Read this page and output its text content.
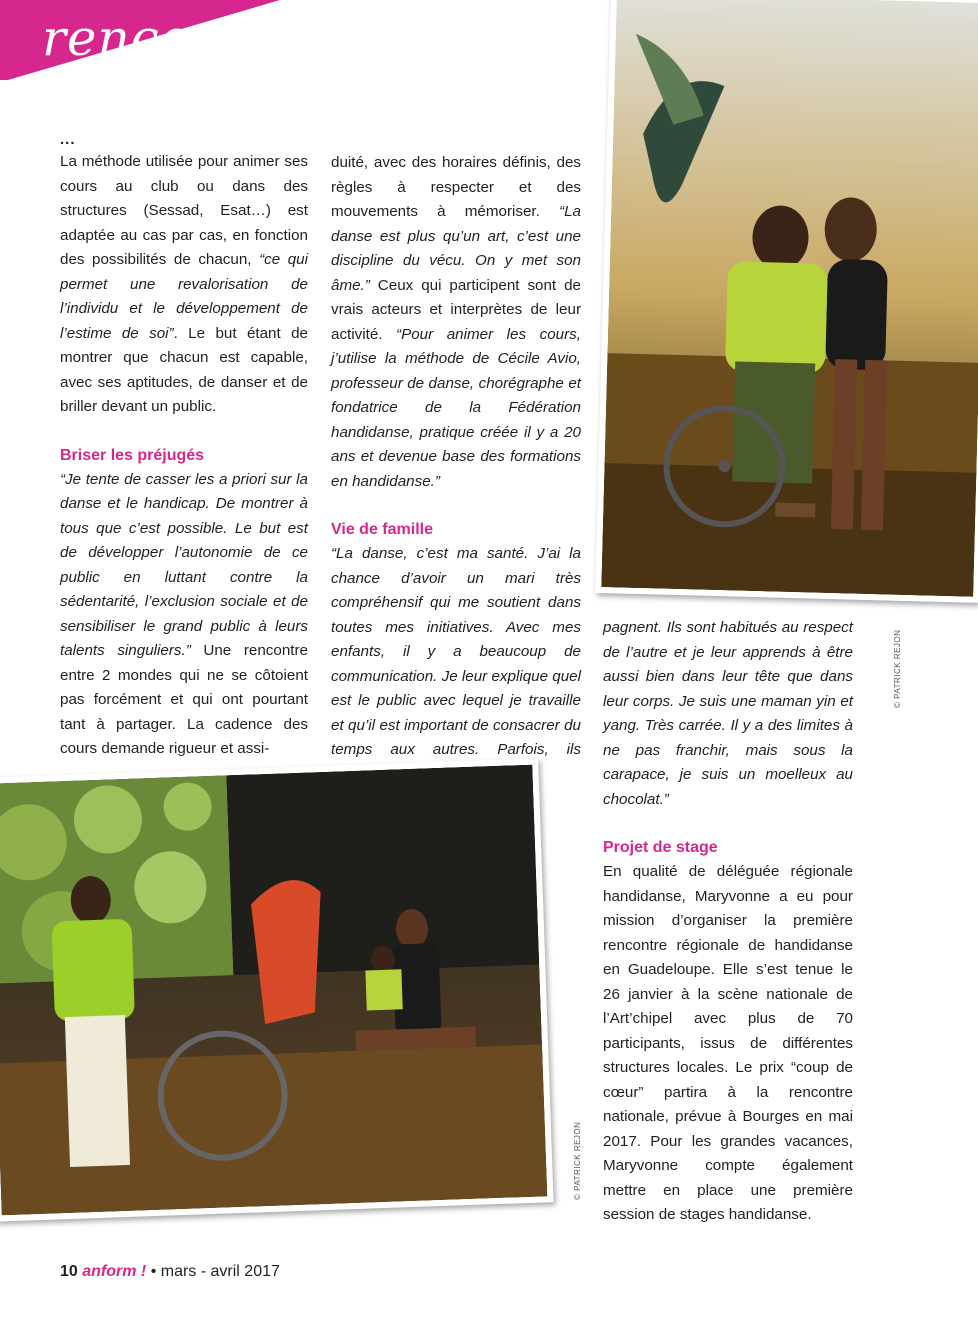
rencontre
...

La méthode utilisée pour animer ses cours au club ou dans des structures (Sessad, Esat…) est adaptée au cas par cas, en fonction des possibilités de chacun, “ce qui permet une revalorisation de l’individu et le développement de l’estime de soi”. Le but étant de montrer que chacun est capable, avec ses aptitudes, de danser et de briller devant un public.

Briser les préjugés

“Je tente de casser les a priori sur la danse et le handicap. De montrer à tous que c’est possible. Le but est de développer l’autonomie de ce public en luttant contre la sédentarité, l’exclusion sociale et de sensibiliser le grand public à leurs talents singuliers.” Une rencontre entre 2 mondes qui ne se côtoient pas forcément et qui ont pourtant tant à partager. La cadence des cours demande rigueur et assi-

duité, avec des horaires définis, des règles à respecter et des mouvements à mémoriser. “La danse est plus qu’un art, c’est une discipline du vécu. On y met son âme.” Ceux qui participent sont de vrais acteurs et interprètes de leur activité. “Pour animer les cours, j’utilise la méthode de Cécile Avio, professeur de danse, chorégraphe et fondatrice de la Fédération handidanse, pratique créée il y a 20 ans et devenue base des formations en handidanse.”

Vie de famille

“La danse, c’est ma santé. J’ai la chance d’avoir un mari très compréhensif qui me soutient dans toutes mes initiatives. Avec mes enfants, il y a beaucoup de communication. Je leur explique quel est le public avec lequel je travaille et qu’il est important de consacrer du temps aux autres. Parfois, ils

pagnent. Ils sont habitués au respect de l’autre et je leur apprends à être aussi bien dans leur tête que dans leur corps. Je suis une maman yin et yang. Très carrée. Il y a des limites à ne pas franchir, mais sous la carapace, je suis un moelleux au chocolat.”

Projet de stage

En qualité de déléguée régionale handidanse, Maryvonne a eu pour mission d’organiser la première rencontre régionale de handidanse en Guadeloupe. Elle s’est tenue le 26 janvier à la scène nationale de l’Art’chipel avec plus de 70 participants, issus de différentes structures locales. Le prix “coup de cœur” partira à la rencontre nationale, prévue à Bourges en mai 2017. Pour les grandes vacances, Maryvonne compte également mettre en place une première session de stages handidanse.

© PATRICK REJON
© PATRICK REJON
10 anform ! • mars - avril 2017
